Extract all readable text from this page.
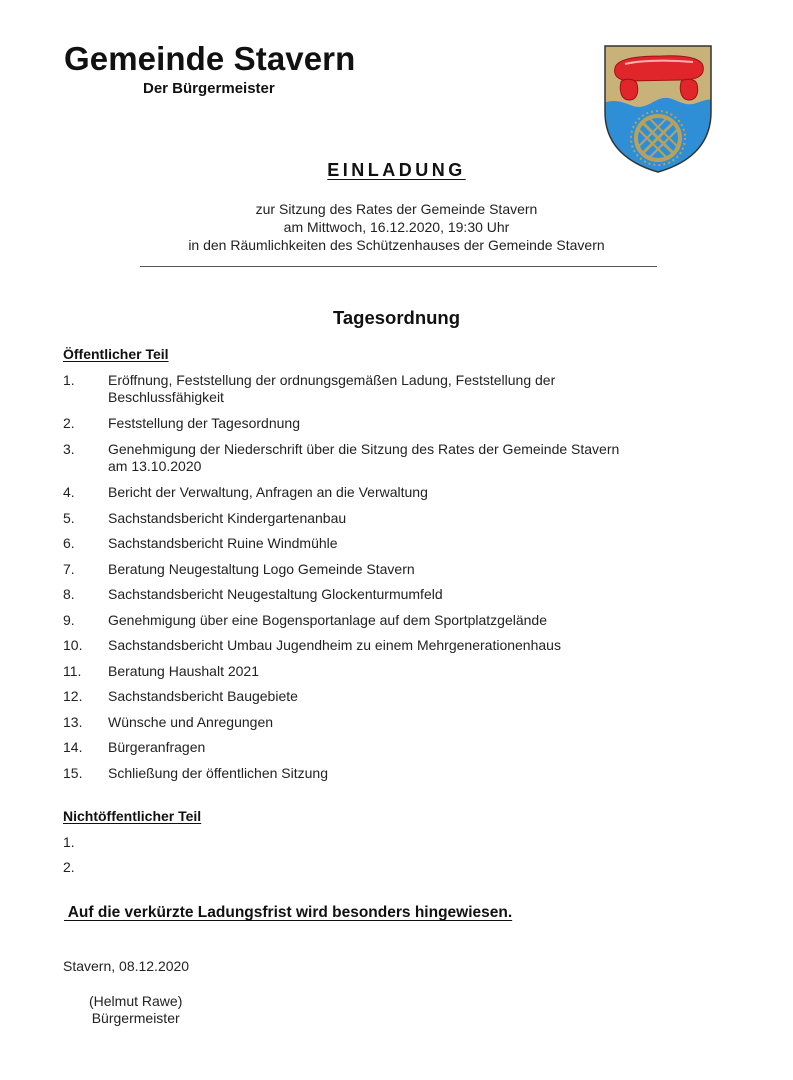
Gemeinde Stavern
Der Bürgermeister
EINLADUNG
zur Sitzung des Rates der Gemeinde Stavern
am Mittwoch, 16.12.2020, 19:30 Uhr
in den Räumlichkeiten des Schützenhauses der Gemeinde Stavern
Tagesordnung
Öffentlicher Teil
1.	Eröffnung, Feststellung der ordnungsgemäßen Ladung, Feststellung der Beschlussfähigkeit
2.	Feststellung der Tagesordnung
3.	Genehmigung der Niederschrift über die Sitzung des Rates der Gemeinde Stavern am 13.10.2020
4.	Bericht der Verwaltung, Anfragen an die Verwaltung
5.	Sachstandsbericht Kindergartenanbau
6.	Sachstandsbericht Ruine Windmühle
7.	Beratung Neugestaltung Logo Gemeinde Stavern
8.	Sachstandsbericht Neugestaltung Glockenturmumfeld
9.	Genehmigung über eine Bogensportanlage auf dem Sportplatzgelände
10.	Sachstandsbericht Umbau Jugendheim zu einem Mehrgenerationenhaus
11.	Beratung Haushalt 2021
12.	Sachstandsbericht Baugebiete
13.	Wünsche und Anregungen
14.	Bürgeranfragen
15.	Schließung der öffentlichen Sitzung
Nichtöffentlicher Teil
1.
2.
Auf die verkürzte Ladungsfrist wird besonders hingewiesen.
Stavern, 08.12.2020
(Helmut Rawe)
Bürgermeister
